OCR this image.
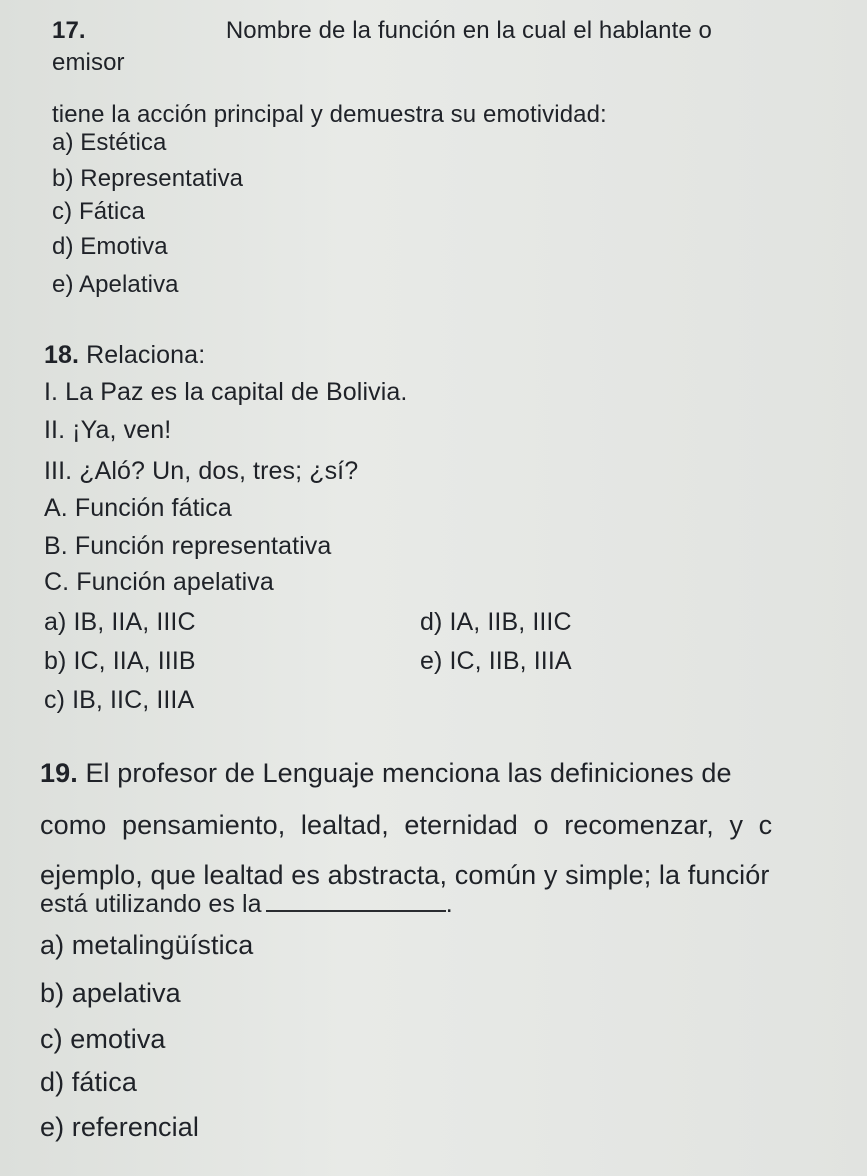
17.	Nombre de la función en la cual el hablante o
emisor
tiene la acción principal y demuestra su emotividad:
a) Estética
b) Representativa
c) Fática
d) Emotiva
e) Apelativa
18. Relaciona:
I. La Paz es la capital de Bolivia.
II. ¡Ya, ven!
III. ¿Aló? Un, dos, tres; ¿sí?
A. Función fática
B. Función representativa
C. Función apelativa
a) IB, IIA, IIIC	d) IA, IIB, IIIC
b) IC, IIA, IIIB	e) IC, IIB, IIIA
c) IB, IIC, IIIA
19. El profesor de Lenguaje menciona las definiciones de
como pensamiento, lealtad, eternidad o recomenzar, y c
ejemplo, que lealtad es abstracta, común y simple; la funciór
está utilizando es la	.
a) metalingüística
b) apelativa
c) emotiva
d) fática
e) referencial
